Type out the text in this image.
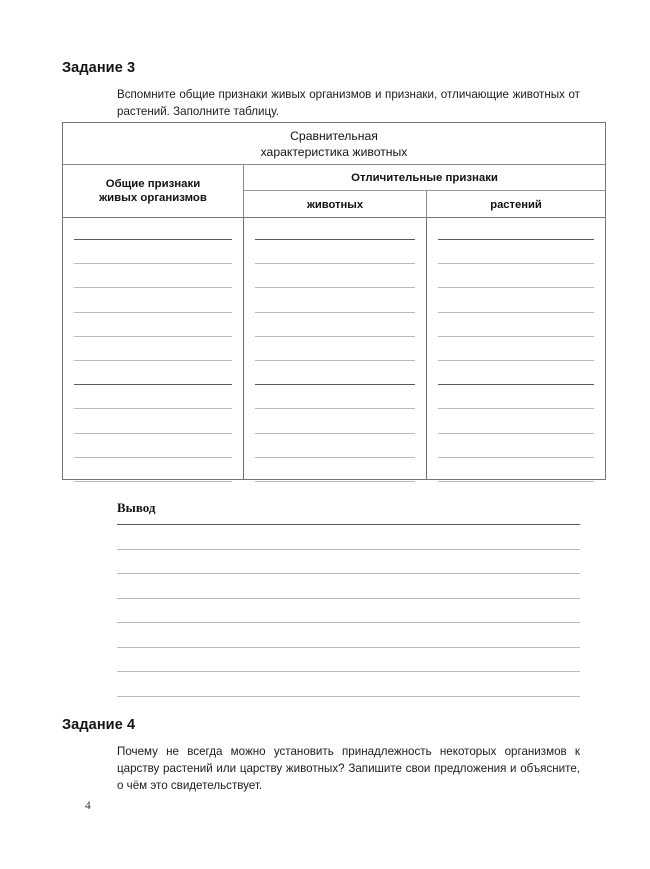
Задание 3
Вспомните общие признаки живых организмов и признаки, отличающие животных от растений. Заполните таблицу.
Сравнительная
характеристика животных
Общие признаки
живых организмов
Отличительные признаки
животных	растений
Вывод
Задание 4
Почему не всегда можно установить принадлежность некоторых организмов к царству растений или царству животных? Запишите свои предложения и объясните, о чём это свидетельствует.
4
